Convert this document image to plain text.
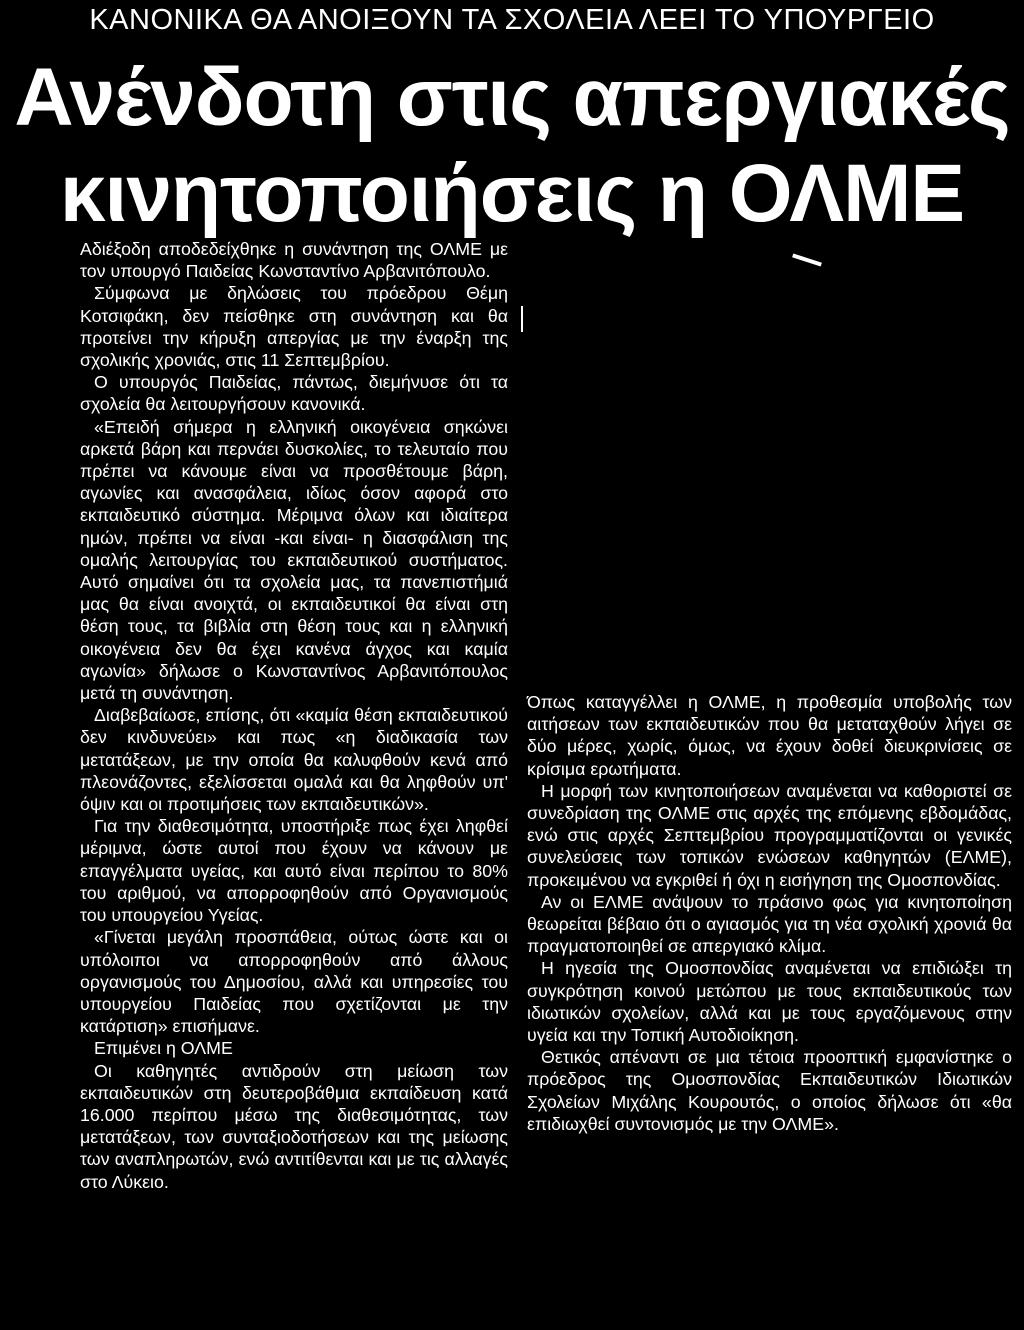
ΚΑΝΟΝΙΚΑ ΘΑ ΑΝΟΙΞΟΥΝ ΤΑ ΣΧΟΛΕΙΑ ΛΕΕΙ ΤΟ ΥΠΟΥΡΓΕΙΟ
Ανένδοτη στις απεργιακές
κινητοποιήσεις η ΟΛΜΕ

Αδιέξοδη αποδεδείχθηκε η συνάντηση της ΟΛΜΕ με τον υπουργό Παιδείας Κωνσταντίνο Αρβανιτόπουλο.

Σύμφωνα με δηλώσεις του πρόεδρου Θέμη Κοτσιφάκη, δεν πείσθηκε στη συνάντηση και θα προτείνει την κήρυξη απεργίας με την έναρξη της σχολικής χρονιάς, στις 11 Σεπτεμβρίου.

Ο υπουργός Παιδείας, πάντως, διεμήνυσε ότι τα σχολεία θα λειτουργήσουν κανονικά.

«Επειδή σήμερα η ελληνική οικογένεια σηκώνει αρκετά βάρη και περνάει δυσκολίες, το τελευταίο που πρέπει να κάνουμε είναι να προσθέτουμε βάρη, αγωνίες και ανασφάλεια, ιδίως όσον αφορά στο εκπαιδευτικό σύστημα. Μέριμνα όλων και ιδιαίτερα ημών, πρέπει να είναι -και είναι- η διασφάλιση της ομαλής λειτουργίας του εκπαιδευτικού συστήματος. Αυτό σημαίνει ότι τα σχολεία μας, τα πανεπιστήμιά μας θα είναι ανοιχτά, οι εκπαιδευτικοί θα είναι στη θέση τους, τα βιβλία στη θέση τους και η ελληνική οικογένεια δεν θα έχει κανένα άγχος και καμία αγωνία» δήλωσε ο Κωνσταντίνος Αρβανιτόπουλος μετά τη συνάντηση.

Διαβεβαίωσε, επίσης, ότι «καμία θέση εκπαιδευτικού δεν κινδυνεύει» και πως «η διαδικασία των μετατάξεων, με την οποία θα καλυφθούν κενά από πλεονάζοντες, εξελίσσεται ομαλά και θα ληφθούν υπ' όψιν και οι προτιμήσεις των εκπαιδευτικών».

Για την διαθεσιμότητα, υποστήριξε πως έχει ληφθεί μέριμνα, ώστε αυτοί που έχουν να κάνουν με επαγγέλματα υγείας, και αυτό είναι περίπου το 80% του αριθμού, να απορροφηθούν από Οργανισμούς του υπουργείου Υγείας.

«Γίνεται μεγάλη προσπάθεια, ούτως ώστε και οι υπόλοιποι να απορροφηθούν από άλλους οργανισμούς του Δημοσίου, αλλά και υπηρεσίες του υπουργείου Παιδείας που σχετίζονται με την κατάρτιση» επισήμανε.

Επιμένει η ΟΛΜΕ

Οι καθηγητές αντιδρούν στη μείωση των εκπαιδευτικών στη δευτεροβάθμια εκπαίδευση κατά 16.000 περίπου μέσω της διαθεσιμότητας, των μετατάξεων, των συνταξιοδοτήσεων και της μείωσης των αναπληρωτών, ενώ αντιτίθενται και με τις αλλαγές στο Λύκειο.

Όπως καταγγέλλει η ΟΛΜΕ, η προθεσμία υποβολής των αιτήσεων των εκπαιδευτικών που θα μεταταχθούν λήγει σε δύο μέρες, χωρίς, όμως, να έχουν δοθεί διευκρινίσεις σε κρίσιμα ερωτήματα.

Η μορφή των κινητοποιήσεων αναμένεται να καθοριστεί σε συνεδρίαση της ΟΛΜΕ στις αρχές της επόμενης εβδομάδας, ενώ στις αρχές Σεπτεμβρίου προγραμματίζονται οι γενικές συνελεύσεις των τοπικών ενώσεων καθηγητών (ΕΛΜΕ), προκειμένου να εγκριθεί ή όχι η εισήγηση της Ομοσπονδίας.

Αν οι ΕΛΜΕ ανάψουν το πράσινο φως για κινητοποίηση θεωρείται βέβαιο ότι ο αγιασμός για τη νέα σχολική χρονιά θα πραγματοποιηθεί σε απεργιακό κλίμα.

Η ηγεσία της Ομοσπονδίας αναμένεται να επιδιώξει τη συγκρότηση κοινού μετώπου με τους εκπαιδευτικούς των ιδιωτικών σχολείων, αλλά και με τους εργαζόμενους στην υγεία και την Τοπική Αυτοδιοίκηση.

Θετικός απέναντι σε μια τέτοια προοπτική εμφανίστηκε ο πρόεδρος της Ομοσπονδίας Εκπαιδευτικών Ιδιωτικών Σχολείων Μιχάλης Κουρουτός, ο οποίος δήλωσε ότι «θα επιδιωχθεί συντονισμός με την ΟΛΜΕ».
